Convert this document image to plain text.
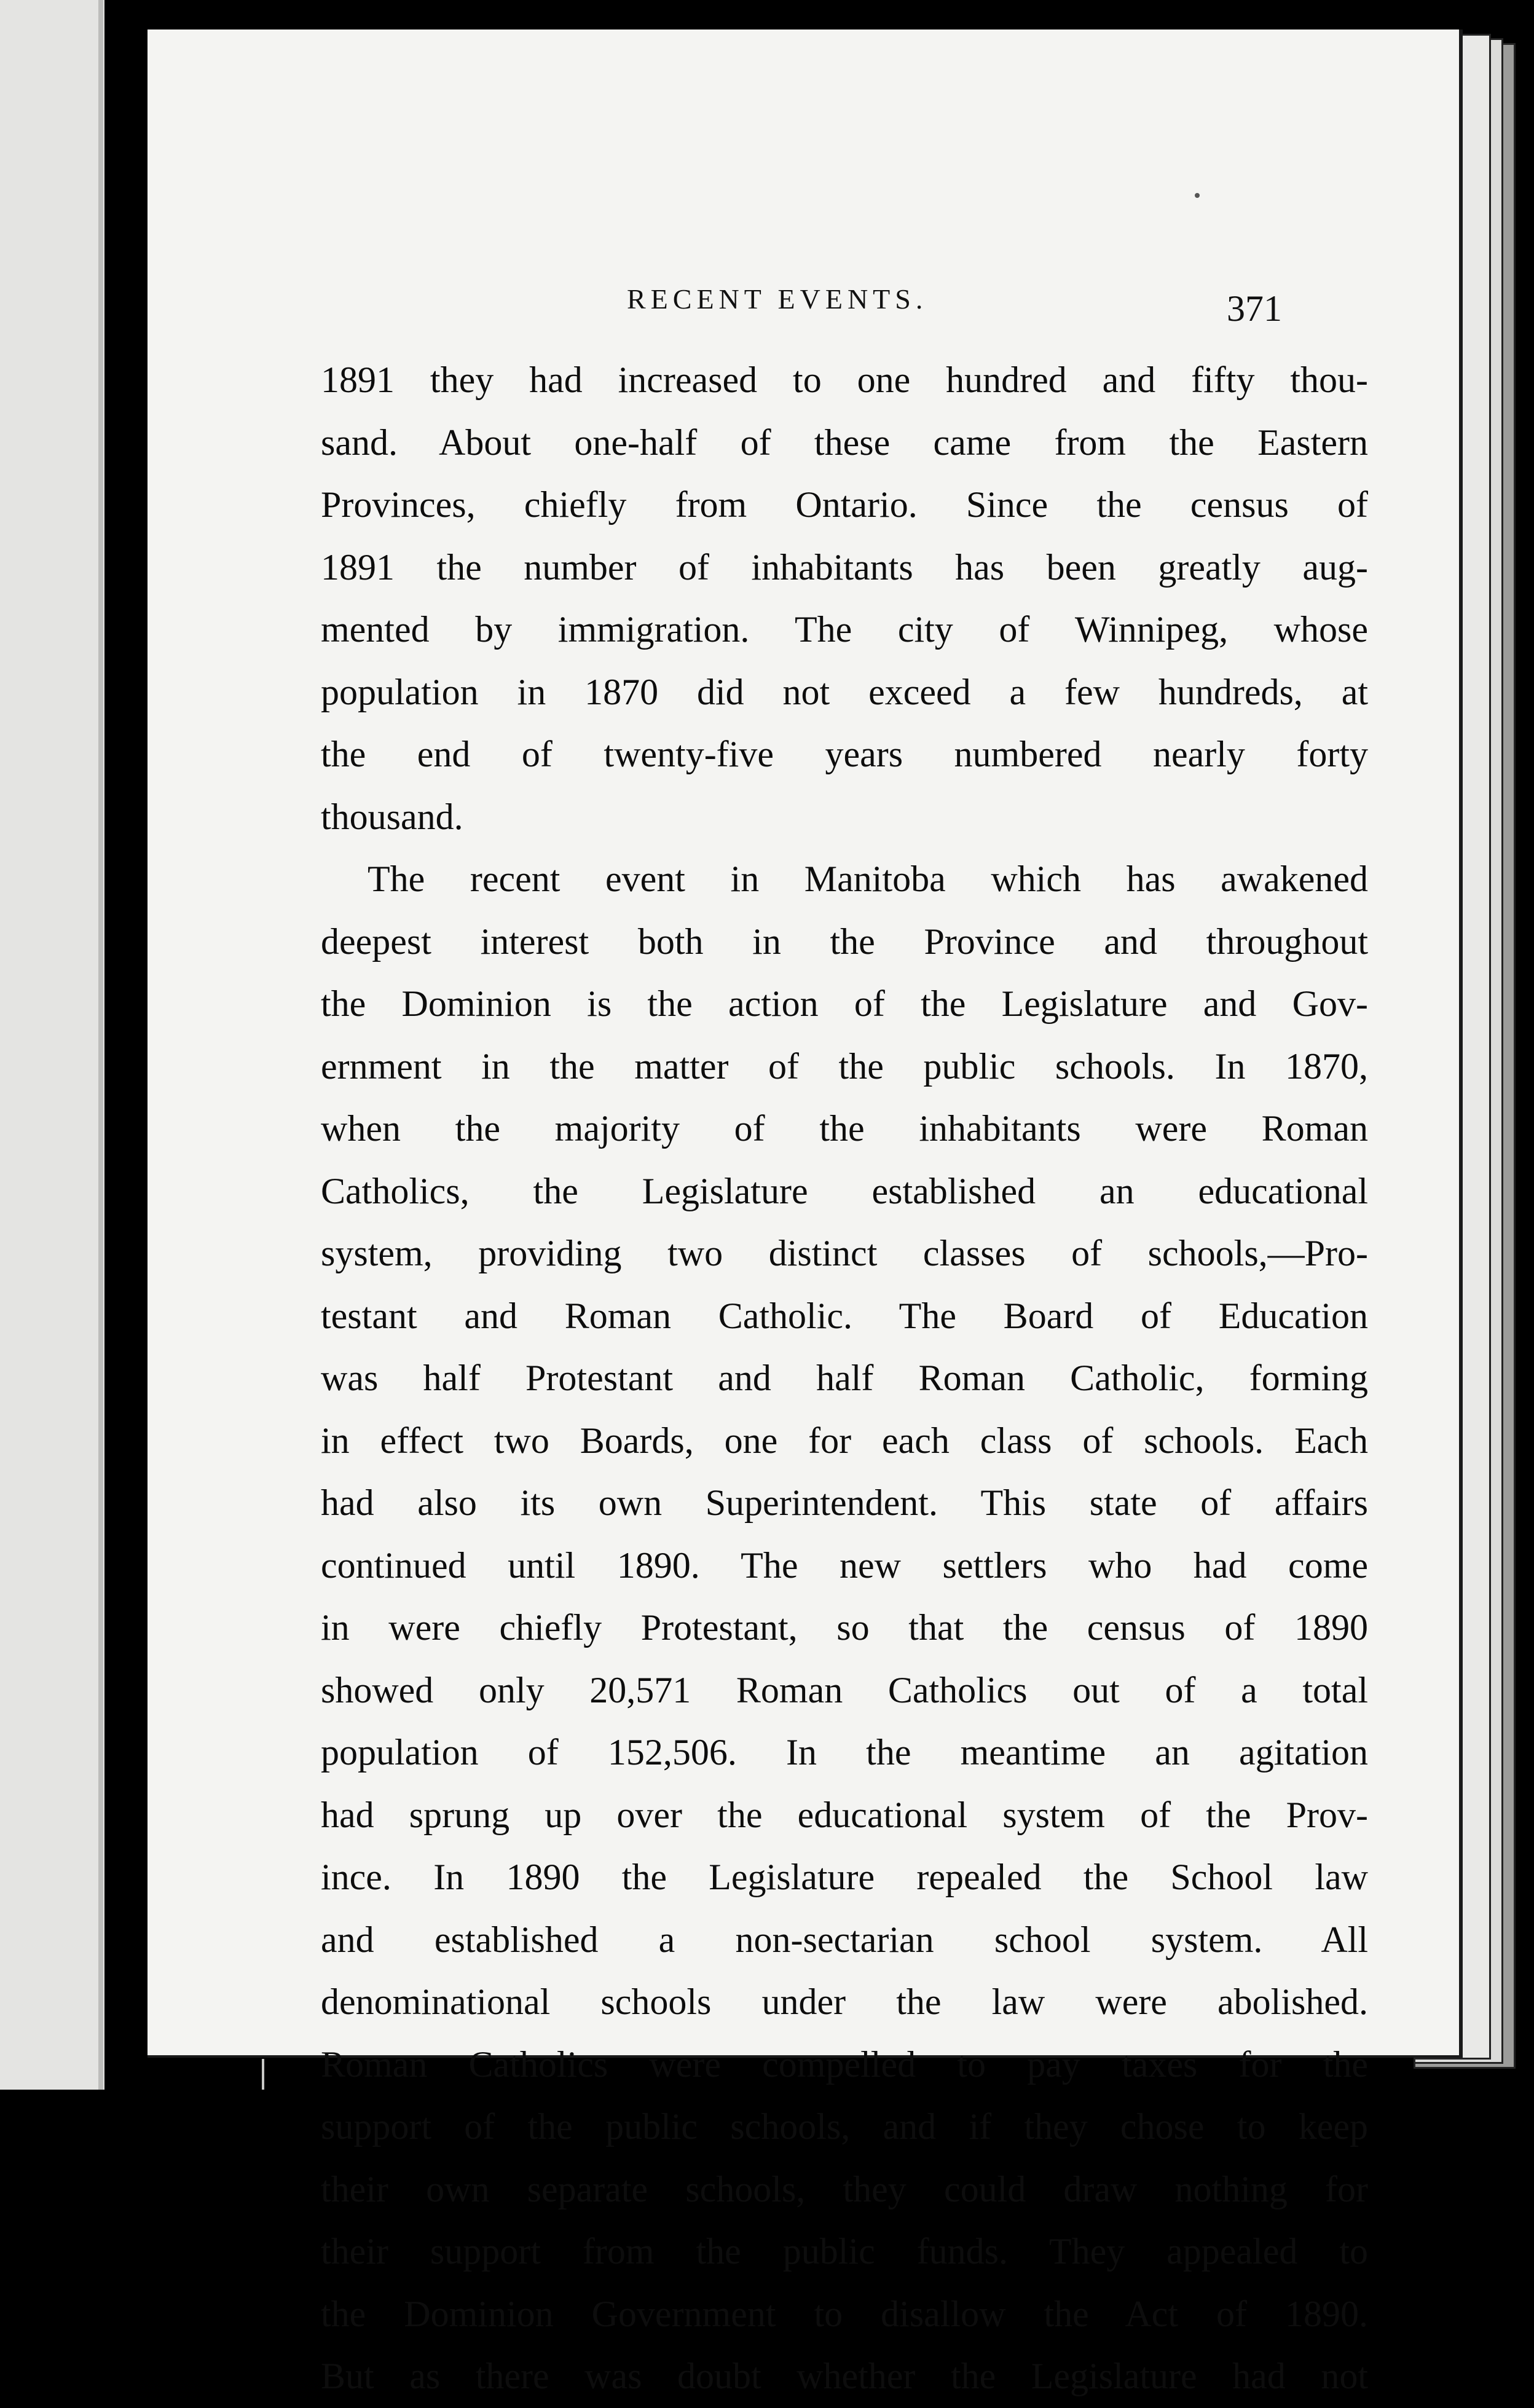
RECENT EVENTS.	371
1891 they had increased to one hundred and fifty thou-
sand. About one-half of these came from the Eastern
Provinces, chiefly from Ontario. Since the census of
1891 the number of inhabitants has been greatly aug-
mented by immigration. The city of Winnipeg, whose
population in 1870 did not exceed a few hundreds, at
the end of twenty-five years numbered nearly forty
thousand.
The recent event in Manitoba which has awakened
deepest interest both in the Province and throughout
the Dominion is the action of the Legislature and Gov-
ernment in the matter of the public schools. In 1870,
when the majority of the inhabitants were Roman
Catholics, the Legislature established an educational
system, providing two distinct classes of schools,—Pro-
testant and Roman Catholic. The Board of Education
was half Protestant and half Roman Catholic, forming
in effect two Boards, one for each class of schools. Each
had also its own Superintendent. This state of affairs
continued until 1890. The new settlers who had come
in were chiefly Protestant, so that the census of 1890
showed only 20,571 Roman Catholics out of a total
population of 152,506. In the meantime an agitation
had sprung up over the educational system of the Prov-
ince. In 1890 the Legislature repealed the School law
and established a non-sectarian school system. All
denominational schools under the law were abolished.
Roman Catholics were compelled to pay taxes for the
support of the public schools, and if they chose to keep
their own separate schools, they could draw nothing for
their support from the public funds. They appealed to
the Dominion Government to disallow the Act of 1890.
But as there was doubt whether the Legislature had not
